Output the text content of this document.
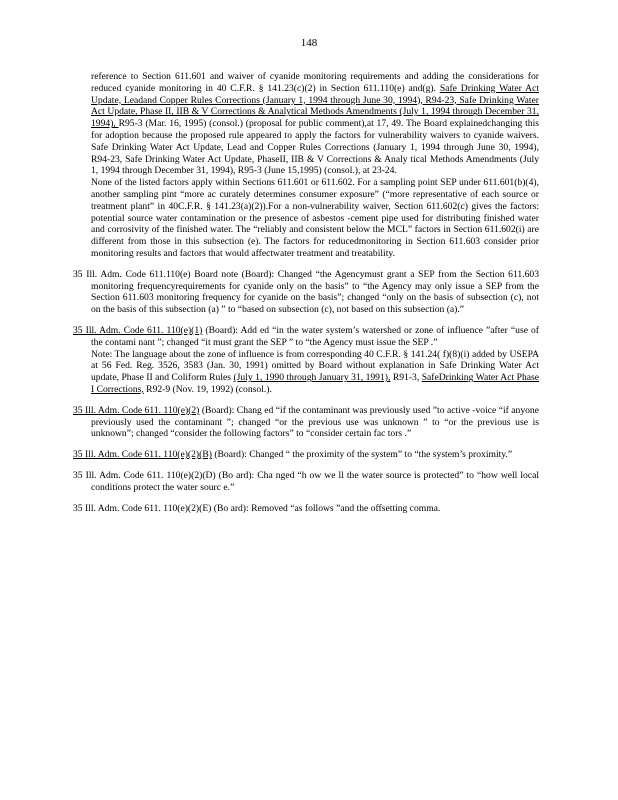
148

reference to Section 611.601 and waiver of cyanide monitoring requirements and adding the considerations for reduced cyanide monitoring in 40 C.F.R. § 141.23(c)(2) in Section 611.110(e) and(g). Safe Drinking Water Act Update, Leadand Copper Rules Corrections (January 1, 1994 through June 30, 1994), R94-23, Safe Drinking Water Act Update, Phase II, IIB & V Corrections & Analytical Methods Amendments (July 1, 1994 through December 31, 1994), R95-3 (Mar. 16, 1995) (consol.) (proposal for public comment),at 17, 49. The Board explainedchanging this for adoption because the proposed rule appeared to apply the factors for vulnerability waivers to cyanide waivers. Safe Drinking Water Act Update, Lead and Copper Rules Corrections (January 1, 1994 through June 30, 1994), R94-23, Safe Drinking Water Act Update, PhaseII, IIB & V Corrections & Analy tical Methods Amendments (July 1, 1994 through December 31, 1994), R95-3 (June 15,1995) (consol.), at 23-24.

None of the listed factors apply within Sections 611.601 or 611.602. For a sampling point SEP under 611.601(b)(4), another sampling pint “more ac curately determines consumer exposure” (“more representative of each source or treatment plant” in 40C.F.R. § 141.23(a)(2)).For a non-vulnerability waiver, Section 611.602(c) gives the factors: potential source water contamination or the presence of asbestos -cement pipe used for distributing finished water and corrosivity of the finished water. The “reliably and consistent below the MCL” factors in Section 611.602(i) are different from those in this subsection (e). The factors for reducedmonitoring in Section 611.603 consider prior monitoring results and factors that would affectwater treatment and treatability.

35 Ill. Adm. Code 611.110(e) Board note (Board): Changed “the Agencymust grant a SEP from the Section 611.603 monitoring frequencyrequirements for cyanide only on the basis” to “the Agency may only issue a SEP from the Section 611.603 monitoring frequency for cyanide on the basis”; changed “only on the basis of subsection (c), not on the basis of this subsection (a) ” to “based on subsection (c), not based on this subsection (a).”

35 Ill. Adm. Code 611. 110(e)(1) (Board): Add ed “in the water system’s watershed or zone of influence ”after “use of the contami nant ”; changed “it must grant the SEP ” to “the Agency must issue the SEP .”

Note: The language about the zone of influence is from corresponding 40 C.F.R. § 141.24( f)(8)(i) added by USEPA at 56 Fed. Reg. 3526, 3583 (Jan. 30, 1991) omitted by Board without explanation in Safe Drinking Water Act update, Phase II and Coliform Rules (July 1, 1990 through January 31, 1991), R91-3, SafeDrinking Water Act Phase I Corrections, R92-9 (Nov. 19, 1992) (consol.).

35 Ill. Adm. Code 611. 110(e)(2) (Board): Chang ed “if the contaminant was previously used ”to active -voice “if anyone previously used the contaminant ”; changed “or the previous use was unknown ” to “or the previous use is unknown”; changed “consider the following factors” to “consider certain fac tors .”

35 Ill. Adm. Code 611. 110(e)(2)(B) (Board): Changed “ the proximity of the system” to “the system’s proximity.”

35 Ill. Adm. Code 611. 110(e)(2)(D) (Bo ard): Cha nged “h ow we ll the water source is protected” to “how well local conditions protect the water sourc e.”

35 Ill. Adm. Code 611. 110(e)(2)(E) (Bo ard): Removed “as follows ”and the offsetting comma.
